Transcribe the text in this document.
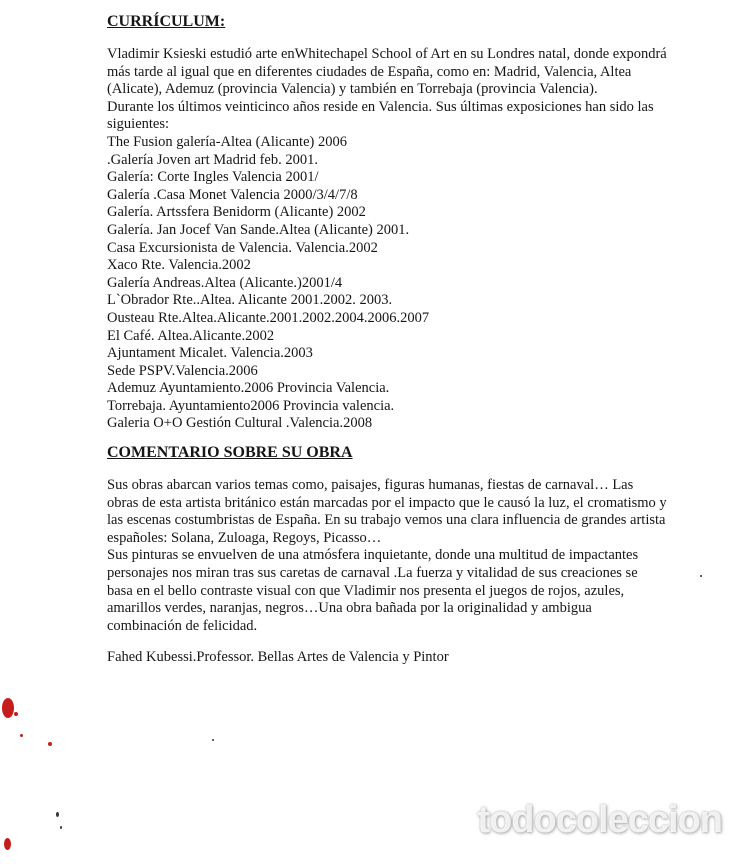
CURRÍCULUM:

Vladimir Ksieski estudió arte enWhitechapel School of Art en su Londres natal, donde expondrá más tarde al igual que en diferentes ciudades de España, como en: Madrid, Valencia, Altea (Alicate), Ademuz (provincia Valencia) y también en Torrebaja (provincia Valencia).

Durante los últimos veinticinco años reside en Valencia. Sus últimas exposiciones han sido las siguientes:

The Fusion galería-Altea (Alicante) 2006
.Galería Joven art Madrid feb. 2001.
Galería: Corte Ingles Valencia 2001/
Galería .Casa Monet Valencia 2000/3/4/7/8
Galería. Artssfera Benidorm (Alicante) 2002
Galería. Jan Jocef Van Sande.Altea (Alicante) 2001.
Casa Excursionista de Valencia. Valencia.2002
Xaco Rte. Valencia.2002
Galería Andreas.Altea (Alicante.)2001/4
L`Obrador Rte..Altea. Alicante 2001.2002. 2003.
Ousteau Rte.Altea.Alicante.2001.2002.2004.2006.2007
El Café. Altea.Alicante.2002
Ajuntament Micalet. Valencia.2003
Sede PSPV.Valencia.2006
Ademuz Ayuntamiento.2006 Provincia Valencia.
Torrebaja. Ayuntamiento2006 Provincia valencia.
Galeria O+O Gestión Cultural .Valencia.2008
COMENTARIO SOBRE SU OBRA

Sus obras abarcan varios temas como, paisajes, figuras humanas, fiestas de carnaval… Las obras de esta artista británico están marcadas por el impacto que le causó la luz, el cromatismo y las escenas costumbristas de España. En su trabajo vemos una clara influencia de grandes artista españoles: Solana, Zuloaga, Regoys, Picasso…

Sus pinturas se envuelven de una atmósfera inquietante, donde una multitud de impactantes personajes nos miran tras sus caretas de carnaval .La fuerza y vitalidad de sus creaciones se basa en el bello contraste visual con que Vladimir nos presenta el juegos de rojos, azules, amarillos verdes, naranjas, negros…Una obra bañada por la originalidad y ambigua combinación de felicidad.

Fahed Kubessi.Professor. Bellas Artes de Valencia y Pintor

todocoleccion
